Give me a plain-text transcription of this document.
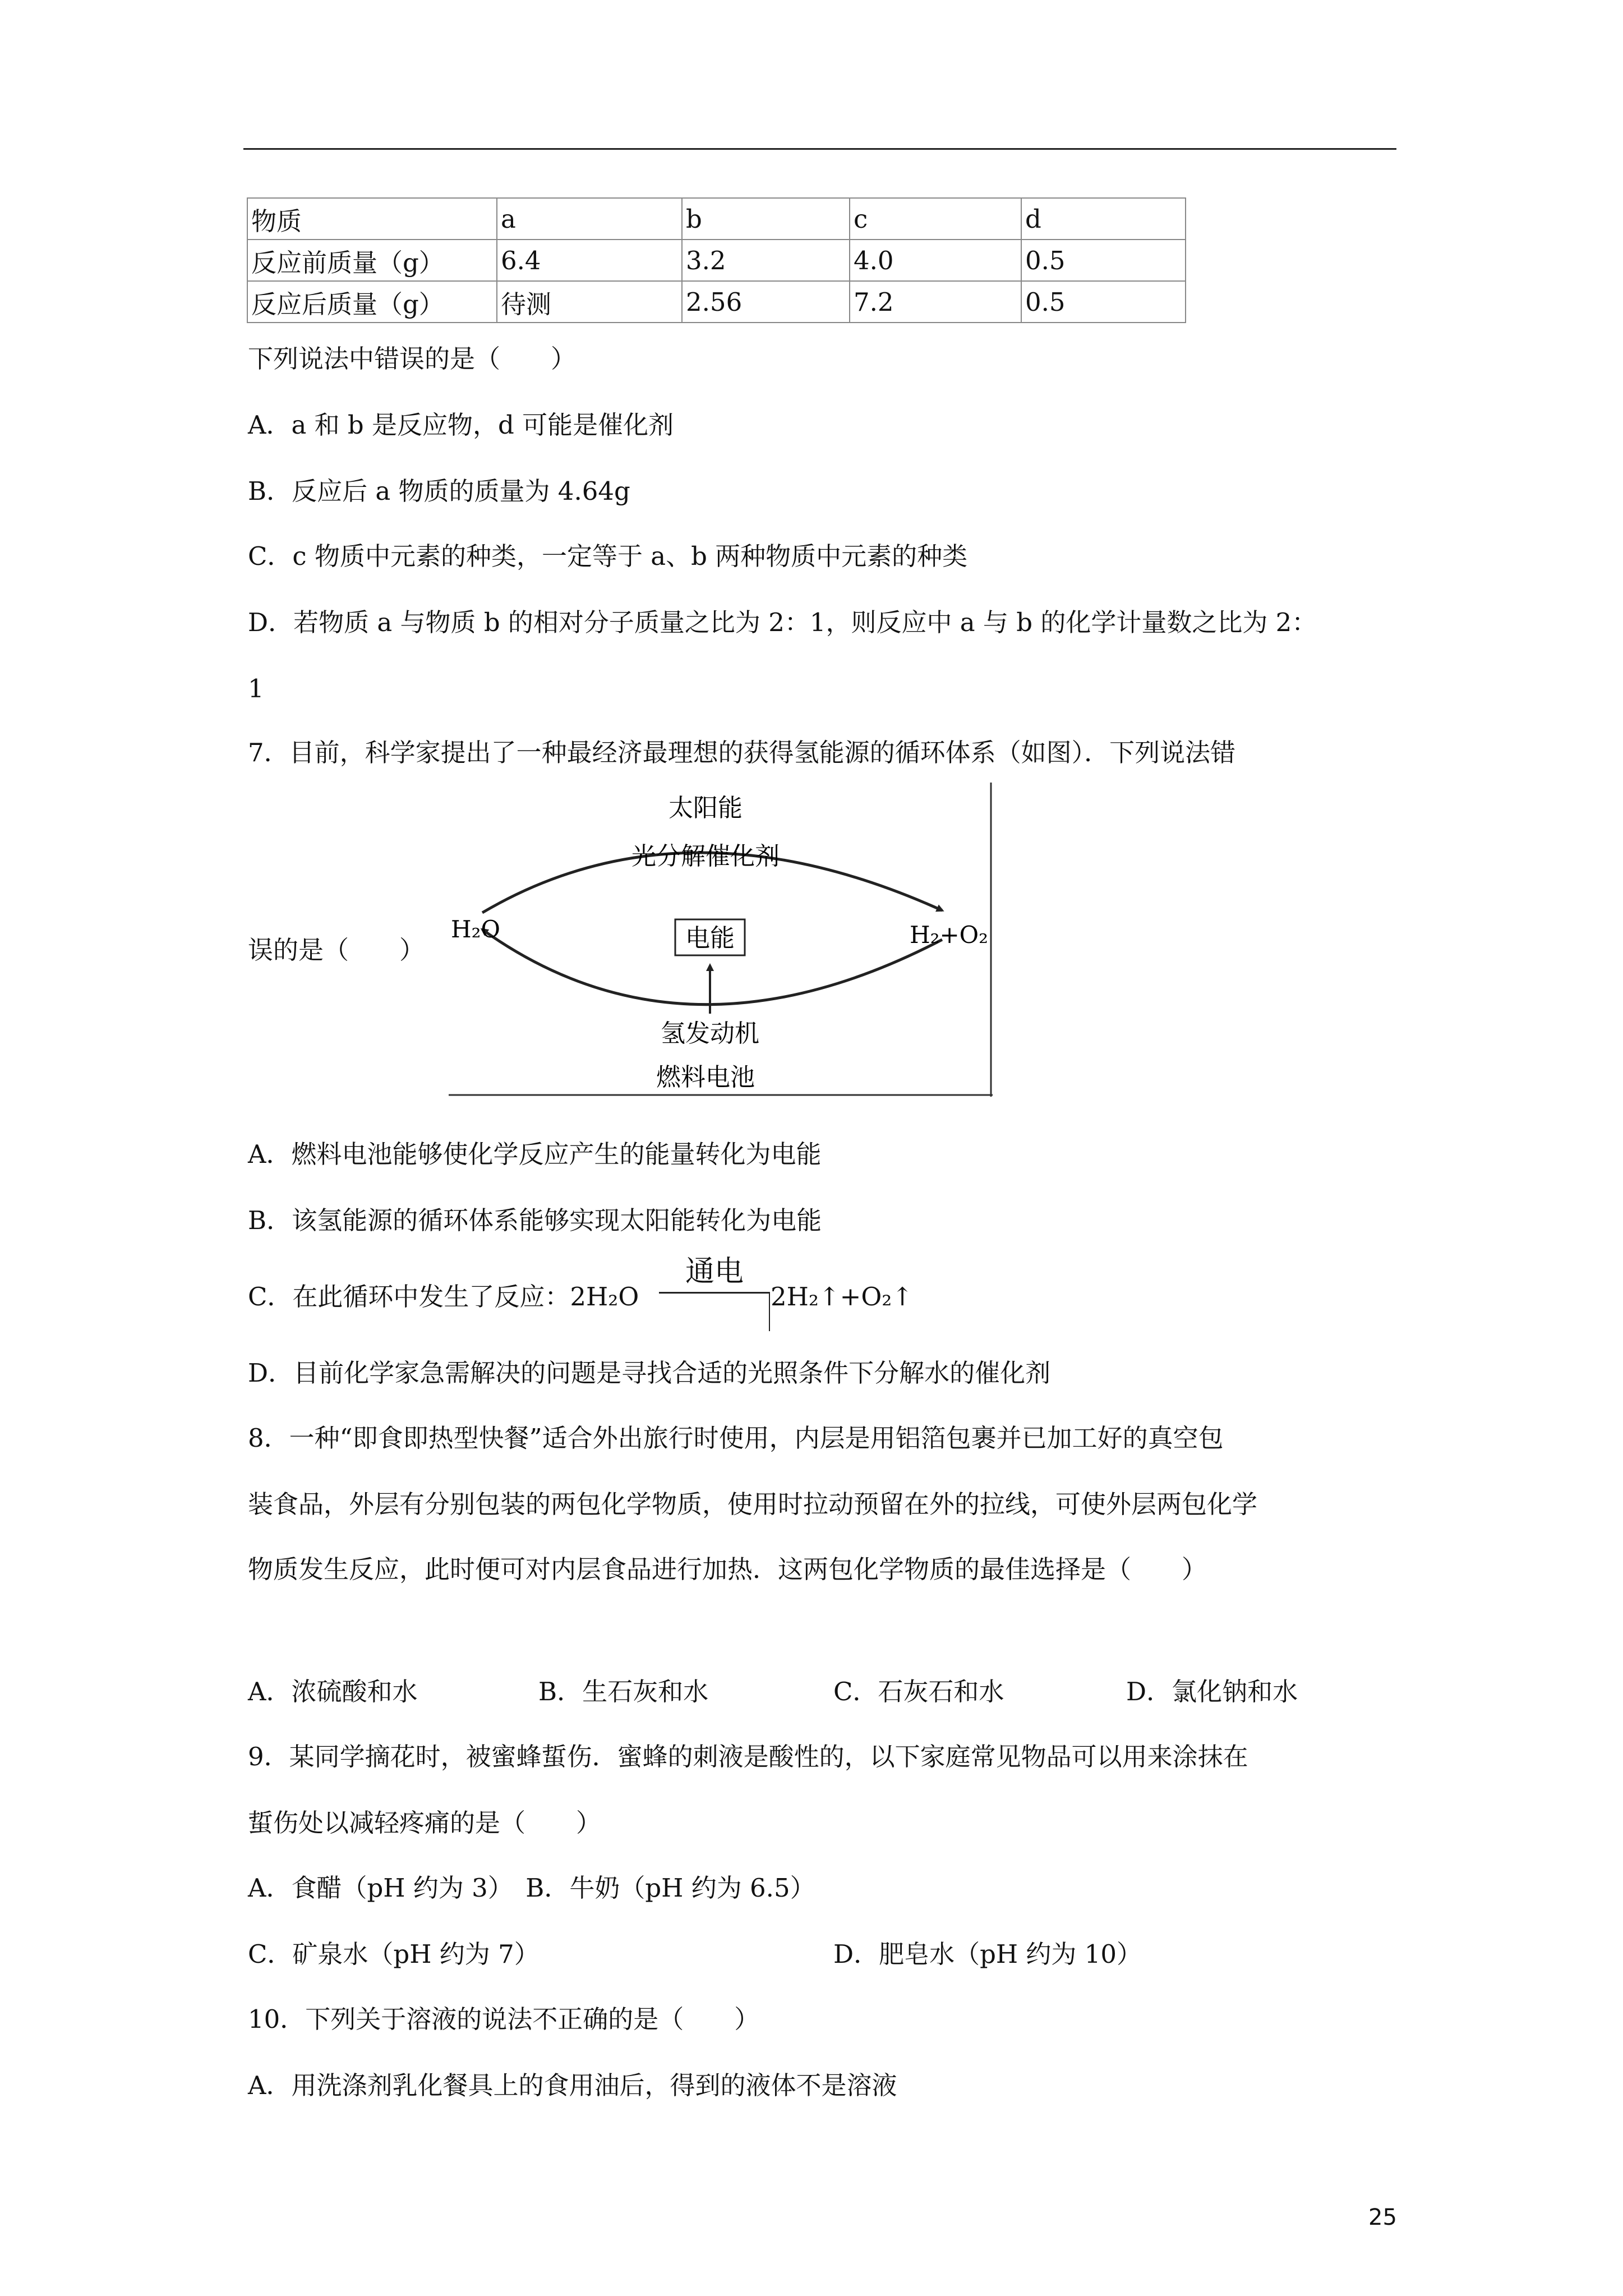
物质	a	b	c	d
反应前质量（g）	6.4	3.2	4.0	0.5
反应后质量（g）	待测	2.56	7.2	0.5
下列说法中错误的是（　　）
A．a 和 b 是反应物，d 可能是催化剂
B．反应后 a 物质的质量为 4.64g
C．c 物质中元素的种类，一定等于 a、b 两种物质中元素的种类
D．若物质 a 与物质 b 的相对分子质量之比为 2：1，则反应中 a 与 b 的化学计量数之比为 2：
1
7．目前，科学家提出了一种最经济最理想的获得氢能源的循环体系（如图）．下列说法错
误的是（　　）
太阳能
光分解催化剂
H₂O	H₂+O₂
电能
氢发动机
燃料电池
A．燃料电池能够使化学反应产生的能量转化为电能
B．该氢能源的循环体系能够实现太阳能转化为电能
C．在此循环中发生了反应：2H₂O
通电
2H₂↑+O₂↑
D．目前化学家急需解决的问题是寻找合适的光照条件下分解水的催化剂
8．一种“即食即热型快餐”适合外出旅行时使用，内层是用铝箔包裹并已加工好的真空包
装食品，外层有分别包装的两包化学物质，使用时拉动预留在外的拉线，可使外层两包化学
物质发生反应，此时便可对内层食品进行加热．这两包化学物质的最佳选择是（　　）
A．浓硫酸和水	B．生石灰和水	C．石灰石和水	D．氯化钠和水
9．某同学摘花时，被蜜蜂蜇伤．蜜蜂的刺液是酸性的，以下家庭常见物品可以用来涂抹在
蜇伤处以减轻疼痛的是（　　）
A．食醋（pH 约为 3）　B．牛奶（pH 约为 6.5）
C．矿泉水（pH 约为 7）	D．肥皂水（pH 约为 10）
10．下列关于溶液的说法不正确的是（　　）
A．用洗涤剂乳化餐具上的食用油后，得到的液体不是溶液
25
